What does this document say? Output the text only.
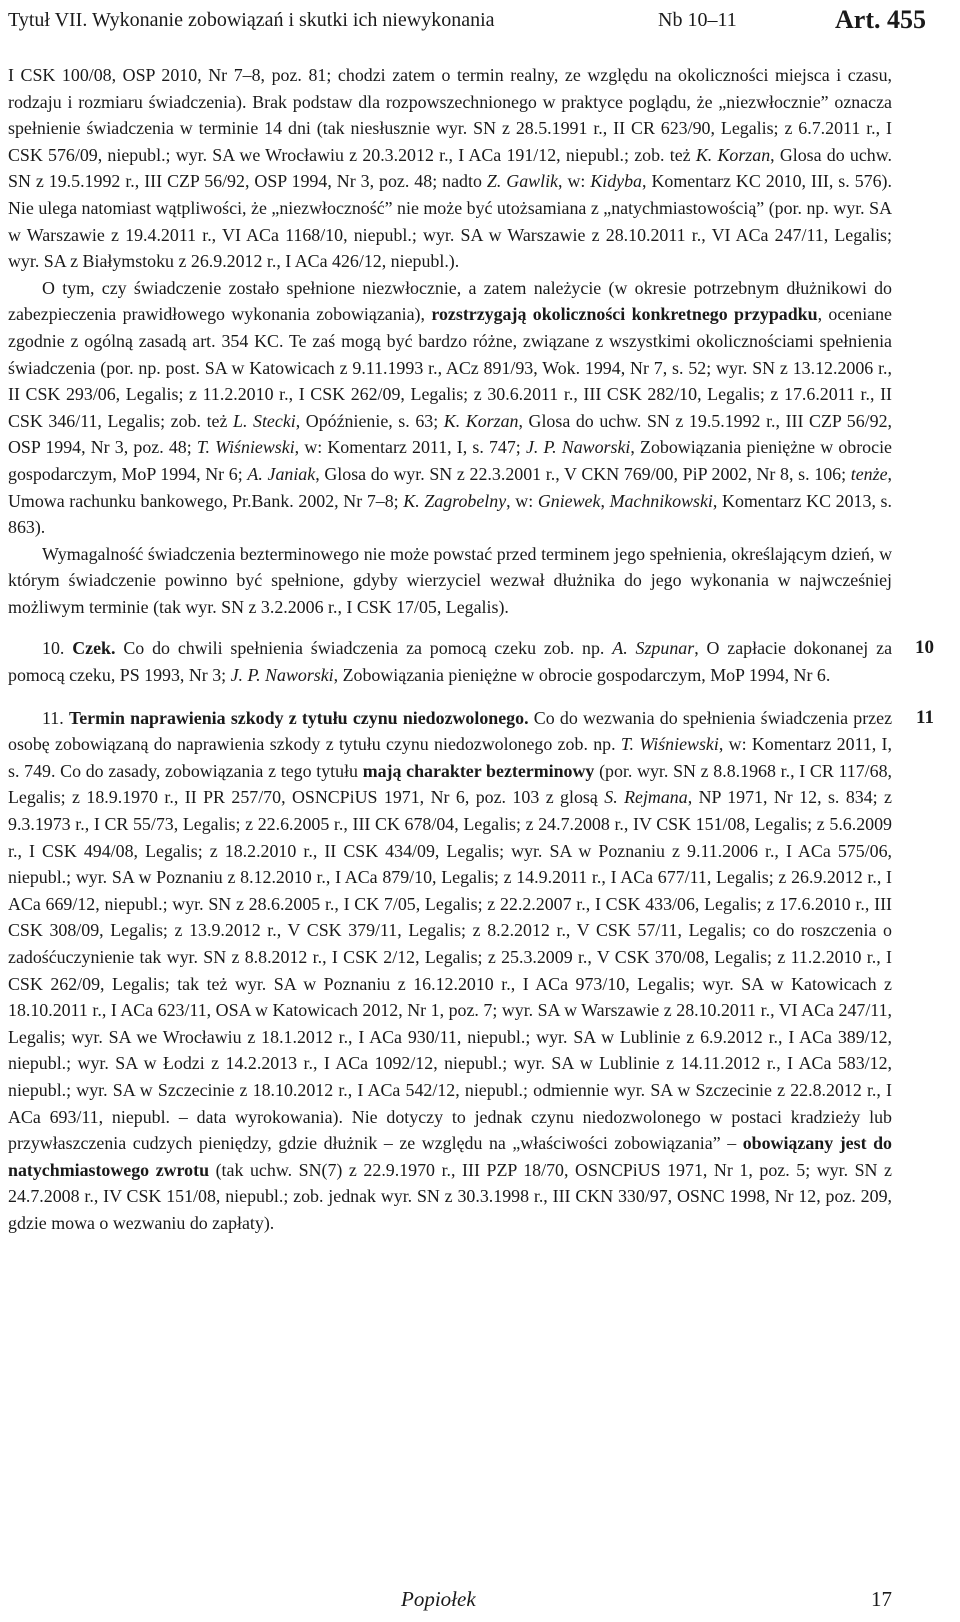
Tytuł VII. Wykonanie zobowiązań i skutki ich niewykonania	Nb 10–11	Art. 455

I CSK 100/08, OSP 2010, Nr 7–8, poz. 81; chodzi zatem o termin realny, ze względu na okoliczności miejsca i czasu, rodzaju i rozmiaru świadczenia). Brak podstaw dla rozpowszechnionego w praktyce poglądu, że „niezwłocznie” oznacza spełnienie świadczenia w terminie 14 dni (tak niesłusznie wyr. SN z 28.5.1991 r., II CR 623/90, Legalis; z 6.7.2011 r., I CSK 576/09, niepubl.; wyr. SA we Wrocławiu z 20.3.2012 r., I ACa 191/12, niepubl.; zob. też K. Korzan, Glosa do uchw. SN z 19.5.1992 r., III CZP 56/92, OSP 1994, Nr 3, poz. 48; nadto Z. Gawlik, w: Kidyba, Komentarz KC 2010, III, s. 576). Nie ulega natomiast wątpliwości, że „niezwłoczność” nie może być utożsamiana z „natychmiastowością” (por. np. wyr. SA w Warszawie z 19.4.2011 r., VI ACa 1168/10, niepubl.; wyr. SA w Warszawie z 28.10.2011 r., VI ACa 247/11, Legalis; wyr. SA z Białymstoku z 26.9.2012 r., I ACa 426/12, niepubl.).

O tym, czy świadczenie zostało spełnione niezwłocznie, a zatem należycie (w okresie potrzebnym dłużnikowi do zabezpieczenia prawidłowego wykonania zobowiązania), rozstrzygają okoliczności konkretnego przypadku, oceniane zgodnie z ogólną zasadą art. 354 KC. Te zaś mogą być bardzo różne, związane z wszystkimi okolicznościami spełnienia świadczenia (por. np. post. SA w Katowicach z 9.11.1993 r., ACz 891/93, Wok. 1994, Nr 7, s. 52; wyr. SN z 13.12.2006 r., II CSK 293/06, Legalis; z 11.2.2010 r., I CSK 262/09, Legalis; z 30.6.2011 r., III CSK 282/10, Legalis; z 17.6.2011 r., II CSK 346/11, Legalis; zob. też L. Stecki, Opóźnienie, s. 63; K. Korzan, Glosa do uchw. SN z 19.5.1992 r., III CZP 56/92, OSP 1994, Nr 3, poz. 48; T. Wiśniewski, w: Komentarz 2011, I, s. 747; J. P. Naworski, Zobowiązania pieniężne w obrocie gospodarczym, MoP 1994, Nr 6; A. Janiak, Glosa do wyr. SN z 22.3.2001 r., V CKN 769/00, PiP 2002, Nr 8, s. 106; tenże, Umowa rachunku bankowego, Pr.Bank. 2002, Nr 7–8; K. Zagrobelny, w: Gniewek, Machnikowski, Komentarz KC 2013, s. 863).

Wymagalność świadczenia bezterminowego nie może powstać przed terminem jego spełnienia, określającym dzień, w którym świadczenie powinno być spełnione, gdyby wierzyciel wezwał dłużnika do jego wykonania w najwcześniej możliwym terminie (tak wyr. SN z 3.2.2006 r., I CSK 17/05, Legalis).

10
10. Czek. Co do chwili spełnienia świadczenia za pomocą czeku zob. np. A. Szpunar, O zapłacie dokonanej za pomocą czeku, PS 1993, Nr 3; J. P. Naworski, Zobowiązania pieniężne w obrocie gospodarczym, MoP 1994, Nr 6.

11
11. Termin naprawienia szkody z tytułu czynu niedozwolonego. Co do wezwania do spełnienia świadczenia przez osobę zobowiązaną do naprawienia szkody z tytułu czynu niedozwolonego zob. np. T. Wiśniewski, w: Komentarz 2011, I, s. 749. Co do zasady, zobowiązania z tego tytułu mają charakter bezterminowy (por. wyr. SN z 8.8.1968 r., I CR 117/68, Legalis; z 18.9.1970 r., II PR 257/70, OSNCPiUS 1971, Nr 6, poz. 103 z glosą S. Rejmana, NP 1971, Nr 12, s. 834; z 9.3.1973 r., I CR 55/73, Legalis; z 22.6.2005 r., III CK 678/04, Legalis; z 24.7.2008 r., IV CSK 151/08, Legalis; z 5.6.2009 r., I CSK 494/08, Legalis; z 18.2.2010 r., II CSK 434/09, Legalis; wyr. SA w Poznaniu z 9.11.2006 r., I ACa 575/06, niepubl.; wyr. SA w Poznaniu z 8.12.2010 r., I ACa 879/10, Legalis; z 14.9.2011 r., I ACa 677/11, Legalis; z 26.9.2012 r., I ACa 669/12, niepubl.; wyr. SN z 28.6.2005 r., I CK 7/05, Legalis; z 22.2.2007 r., I CSK 433/06, Legalis; z 17.6.2010 r., III CSK 308/09, Legalis; z 13.9.2012 r., V CSK 379/11, Legalis; z 8.2.2012 r., V CSK 57/11, Legalis; co do roszczenia o zadośćuczynienie tak wyr. SN z 8.8.2012 r., I CSK 2/12, Legalis; z 25.3.2009 r., V CSK 370/08, Legalis; z 11.2.2010 r., I CSK 262/09, Legalis; tak też wyr. SA w Poznaniu z 16.12.2010 r., I ACa 973/10, Legalis; wyr. SA w Katowicach z 18.10.2011 r., I ACa 623/11, OSA w Katowicach 2012, Nr 1, poz. 7; wyr. SA w Warszawie z 28.10.2011 r., VI ACa 247/11, Legalis; wyr. SA we Wrocławiu z 18.1.2012 r., I ACa 930/11, niepubl.; wyr. SA w Lublinie z 6.9.2012 r., I ACa 389/12, niepubl.; wyr. SA w Łodzi z 14.2.2013 r., I ACa 1092/12, niepubl.; wyr. SA w Lublinie z 14.11.2012 r., I ACa 583/12, niepubl.; wyr. SA w Szczecinie z 18.10.2012 r., I ACa 542/12, niepubl.; odmiennie wyr. SA w Szczecinie z 22.8.2012 r., I ACa 693/11, niepubl. – data wyrokowania). Nie dotyczy to jednak czynu niedozwolonego w postaci kradzieży lub przywłaszczenia cudzych pieniędzy, gdzie dłużnik – ze względu na „właściwości zobowiązania” – obowiązany jest do natychmiastowego zwrotu (tak uchw. SN(7) z 22.9.1970 r., III PZP 18/70, OSNCPiUS 1971, Nr 1, poz. 5; wyr. SN z 24.7.2008 r., IV CSK 151/08, niepubl.; zob. jednak wyr. SN z 30.3.1998 r., III CKN 330/97, OSNC 1998, Nr 12, poz. 209, gdzie mowa o wezwaniu do zapłaty).

Popiołek	17
